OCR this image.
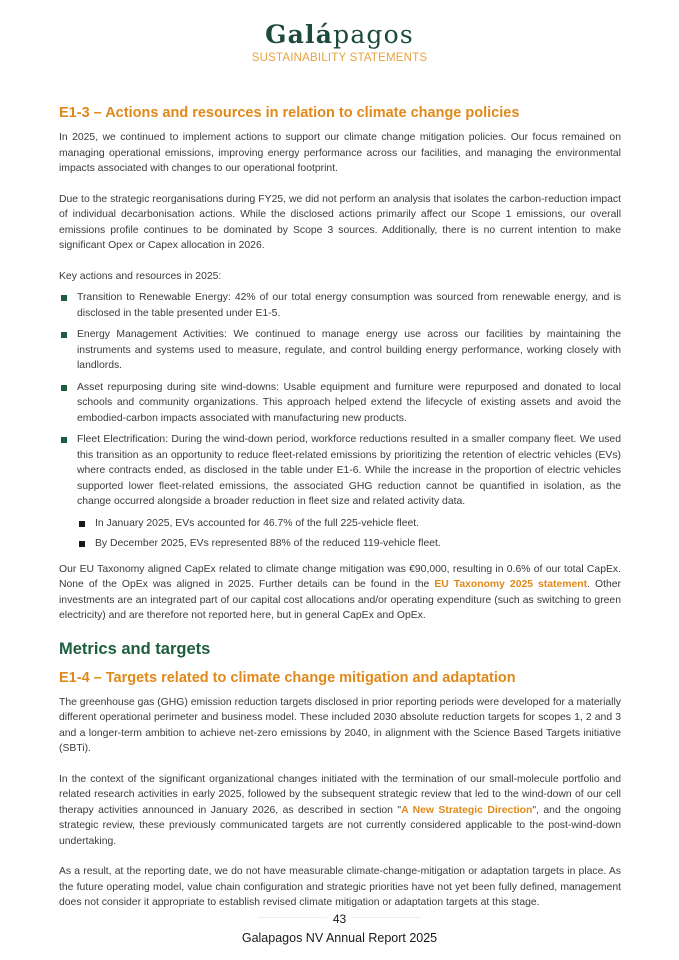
Galápagos
SUSTAINABILITY STATEMENTS
E1-3 – Actions and resources in relation to climate change policies

In 2025, we continued to implement actions to support our climate change mitigation policies. Our focus remained on managing operational emissions, improving energy performance across our facilities, and managing the environmental impacts associated with changes to our operational footprint.

Due to the strategic reorganisations during FY25, we did not perform an analysis that isolates the carbon‑reduction impact of individual decarbonisation actions. While the disclosed actions primarily affect our Scope 1 emissions, our overall emissions profile continues to be dominated by Scope 3 sources. Additionally, there is no current intention to make significant Opex or Capex allocation in 2026.

Key actions and resources in 2025:

Transition to Renewable Energy: 42% of our total energy consumption was sourced from renewable energy, and is disclosed in the table presented under E1-5.
Energy Management Activities: We continued to manage energy use across our facilities by maintaining the instruments and systems used to measure, regulate, and control building energy performance, working closely with landlords.
Asset repurposing during site wind‑downs: Usable equipment and furniture were repurposed and donated to local schools and community organizations. This approach helped extend the lifecycle of existing assets and avoid the embodied‑carbon impacts associated with manufacturing new products.
Fleet Electrification: During the wind‑down period, workforce reductions resulted in a smaller company fleet. We used this transition as an opportunity to reduce fleet‑related emissions by prioritizing the retention of electric vehicles (EVs) where contracts ended, as disclosed in the table under E1‑6. While the increase in the proportion of electric vehicles supported lower fleet‑related emissions, the associated GHG reduction cannot be quantified in isolation, as the change occurred alongside a broader reduction in fleet size and related activity data.
In January 2025, EVs accounted for 46.7% of the full 225‑vehicle fleet.
By December 2025, EVs represented 88% of the reduced 119‑vehicle fleet.

Our EU Taxonomy aligned CapEx related to climate change mitigation was €90,000, resulting in 0.6% of our total CapEx. None of the OpEx was aligned in 2025. Further details can be found in the EU Taxonomy 2025 statement. Other investments are an integrated part of our capital cost allocations and/or operating expenditure (such as switching to green electricity) and are therefore not reported here, but in general CapEx and OpEx.

Metrics and targets
E1-4 – Targets related to climate change mitigation and adaptation

The greenhouse gas (GHG) emission reduction targets disclosed in prior reporting periods were developed for a materially different operational perimeter and business model. These included 2030 absolute reduction targets for scopes 1, 2 and 3 and a longer‑term ambition to achieve net‑zero emissions by 2040, in alignment with the Science Based Targets initiative (SBTi).

In the context of the significant organizational changes initiated with the termination of our small‑molecule portfolio and related research activities in early 2025, followed by the subsequent strategic review that led to the wind‑down of our cell therapy activities announced in January 2026, as described in section "A New Strategic Direction", and the ongoing strategic review, these previously communicated targets are not currently considered applicable to the post‑wind‑down undertaking.

As a result, at the reporting date, we do not have measurable climate‑change‑mitigation or adaptation targets in place. As the future operating model, value chain configuration and strategic priorities have not yet been fully defined, management does not consider it appropriate to establish revised climate mitigation or adaptation targets at this stage.

43
Galapagos NV Annual Report 2025
